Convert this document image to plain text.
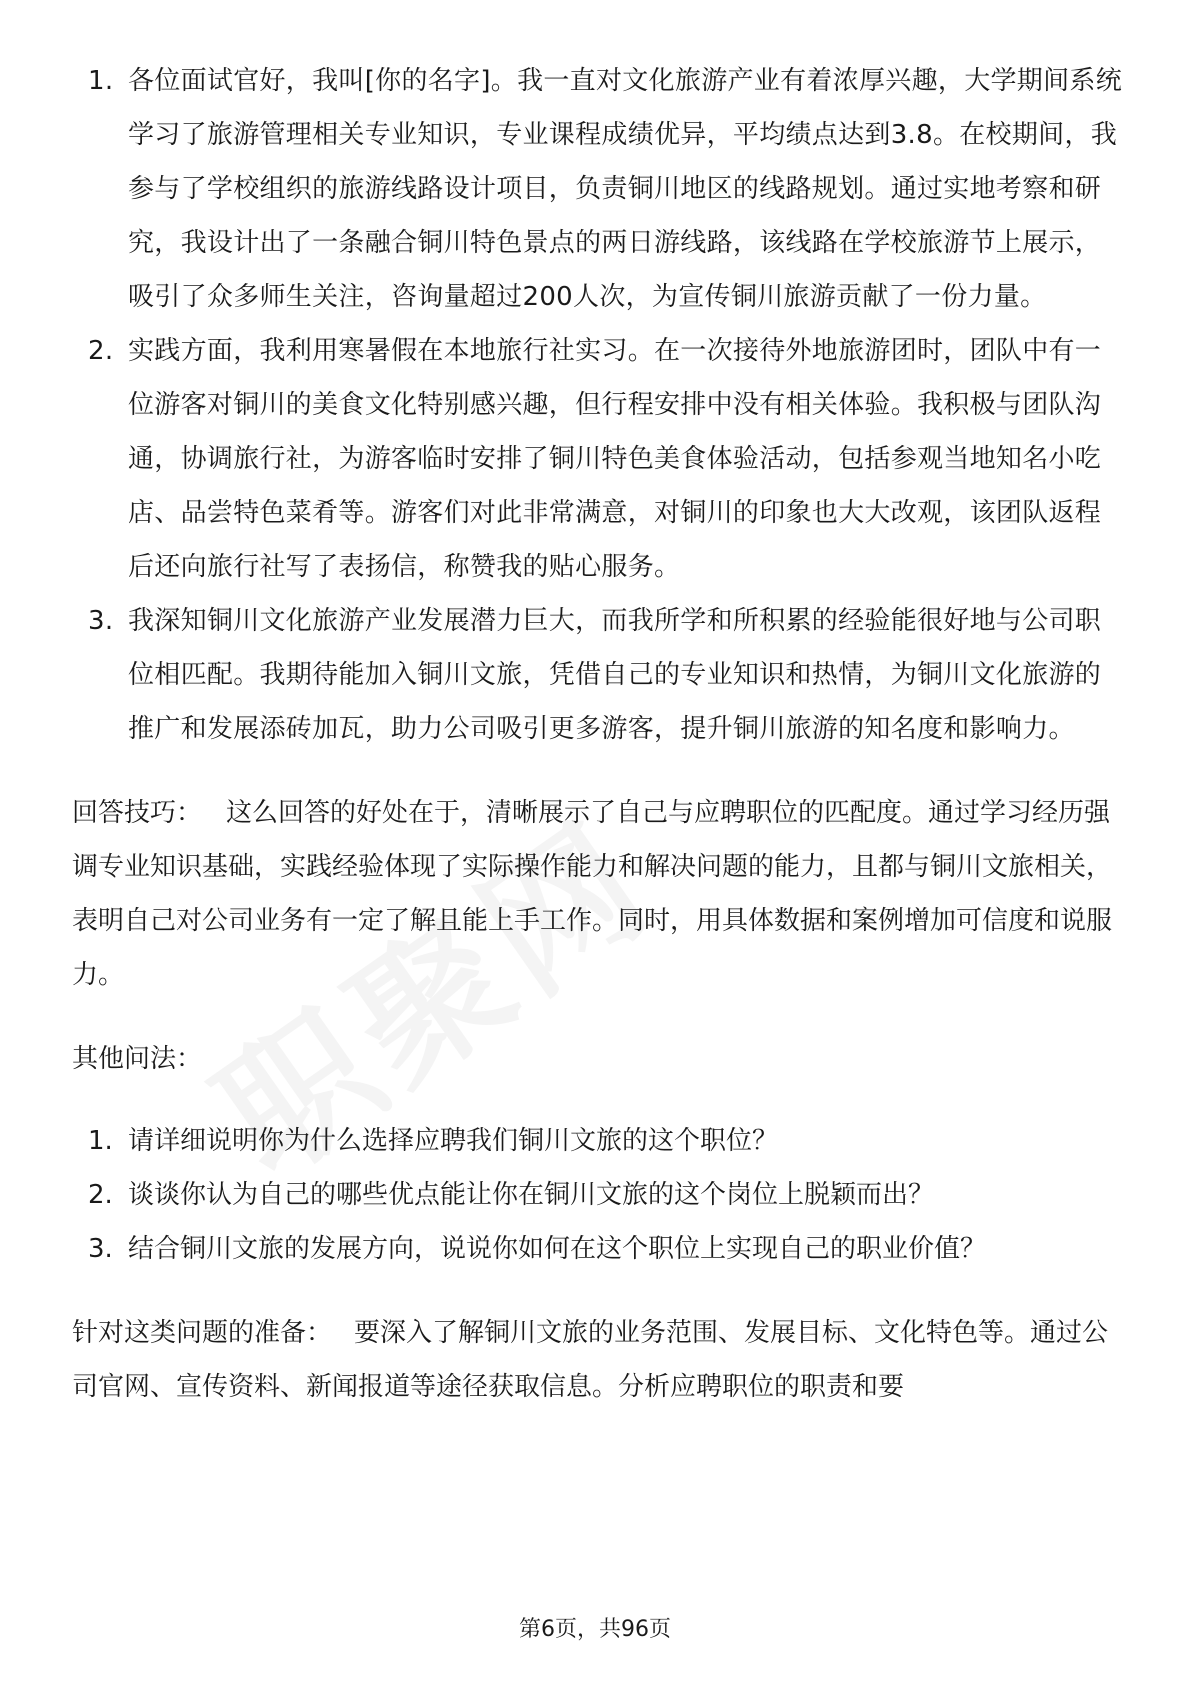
1. 各位面试官好，我叫[你的名字]。我一直对文化旅游产业有着浓厚兴趣，大学期间系统学习了旅游管理相关专业知识，专业课程成绩优异，平均绩点达到3.8。在校期间，我参与了学校组织的旅游线路设计项目，负责铜川地区的线路规划。通过实地考察和研究，我设计出了一条融合铜川特色景点的两日游线路，该线路在学校旅游节上展示，吸引了众多师生关注，咨询量超过200人次，为宣传铜川旅游贡献了一份力量。
2. 实践方面，我利用寒暑假在本地旅行社实习。在一次接待外地旅游团时，团队中有一位游客对铜川的美食文化特别感兴趣，但行程安排中没有相关体验。我积极与团队沟通，协调旅行社，为游客临时安排了铜川特色美食体验活动，包括参观当地知名小吃店、品尝特色菜肴等。游客们对此非常满意，对铜川的印象也大大改观，该团队返程后还向旅行社写了表扬信，称赞我的贴心服务。
3. 我深知铜川文化旅游产业发展潜力巨大，而我所学和所积累的经验能很好地与公司职位相匹配。我期待能加入铜川文旅，凭借自己的专业知识和热情，为铜川文化旅游的推广和发展添砖加瓦，助力公司吸引更多游客，提升铜川旅游的知名度和影响力。

回答技巧： 这么回答的好处在于，清晰展示了自己与应聘职位的匹配度。通过学习经历强调专业知识基础，实践经验体现了实际操作能力和解决问题的能力，且都与铜川文旅相关，表明自己对公司业务有一定了解且能上手工作。同时，用具体数据和案例增加可信度和说服力。

其他问法：

1. 请详细说明你为什么选择应聘我们铜川文旅的这个职位？
2. 谈谈你认为自己的哪些优点能让你在铜川文旅的这个岗位上脱颖而出？
3. 结合铜川文旅的发展方向，说说你如何在这个职位上实现自己的职业价值？

针对这类问题的准备： 要深入了解铜川文旅的业务范围、发展目标、文化特色等。通过公司官网、宣传资料、新闻报道等途径获取信息。分析应聘职位的职责和要

第6页，共96页
